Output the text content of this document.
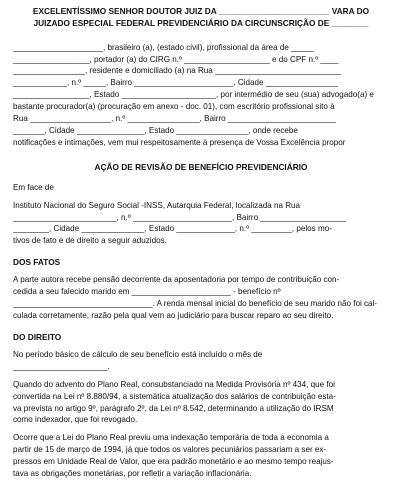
EXCELENTÍSSIMO SENHOR DOUTOR JUIZ DA ________________________ VARA DO

JUIZADO ESPECIAL FEDERAL PREVIDENCIÁRIO DA CIRCUNSCRIÇÃO DE ________

____________________, brasileiro (a), (estado civil), profissional da área de _____

_________________, portador (a) do CIRG n.º ___________________ e do CPF n.º ____

________________, residente e domiciliado (a) na Rua ____________________________

____________, n.º _____, Bairro ______________________, Cidade ________________

_________________, Estado _____________________, por intermédio de seu (sua) advogado(a) e

bastante procurador(a) (procuração em anexo - doc. 01), com escritório profissional sito à

Rua __________________, n.º ________________, Bairro ________________________

_______, Cidade _______________, Estado ________________, onde recebe

notificações e intimações, vem mui respeitosamente à presença de Vossa Excelência propor

AÇÃO DE REVISÃO DE BENEFÍCIO PREVIDENCIÁRIO

Em face de

Instituto Nacional do Seguro Social -INSS, Autarquia Federal, localizada na Rua

_______________________, n.º ______________________, Bairro ___________________

________, Cidade ______________, Estado _____________, n.º _________, pelos mo-

tivos de fato e de direito a seguir aduzidos.

DOS FATOS

A parte autora recebe pensão decorrente da aposentadoria por tempo de contribuição con-

cedida a seu falecido marido em ______________________ - benefício nº

_______________________________. A renda mensal inicial do benefício de seu marido não foi cal-

culada corretamente, razão pela qual vem ao judiciário para buscar reparo ao seu direito.

DO DIREITO

No período básico de cálculo de seu benefício está incluído o mês de

_____________________.

Quando do advento do Plano Real, consubstanciado na Medida Provisória nº 434, que foi

convertida na Lei nº 8.880/94, a sistemática atualização dos salários de contribuição esta-

va prevista no artigo 9º, parágrafo 2º, da Lei nº 8.542, determinando a utilização do IRSM

como indexador, que foi revogado.

Ocorre que a Lei do Plano Real previu uma indexação temporária de toda a economia a

partir de 15 de março de 1994, já que todos os valores pecuniários passariam a ser ex-

pressos em Unidade Real de Valor, que era padrão monetário e ao mesmo tempo reajus-

tava as obrigações monetárias, por refletir a variação inflacionária.
